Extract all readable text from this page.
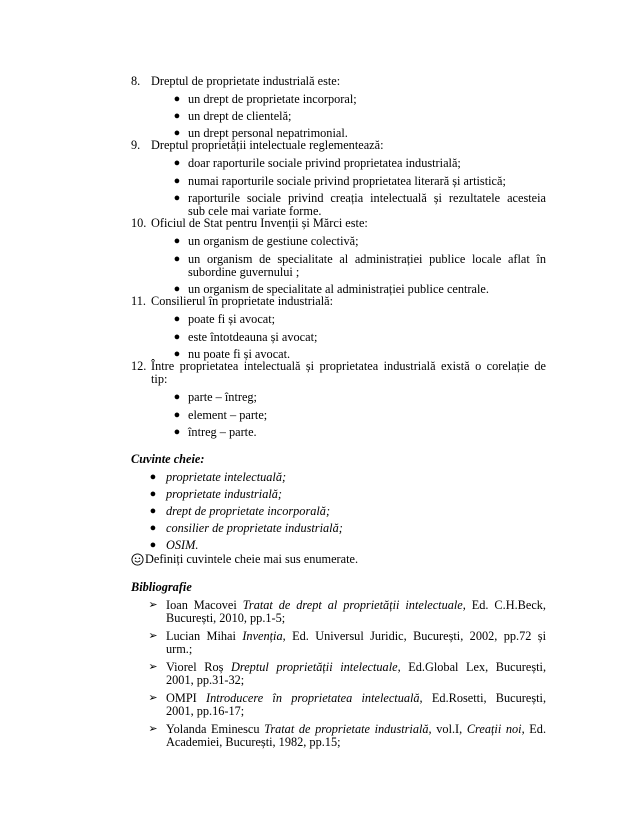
8. Dreptul de proprietate industrială este:
● un drept de proprietate incorporal;
● un drept de clientelă;
● un drept personal nepatrimonial.
9. Dreptul proprietății intelectuale reglementează:
● doar raporturile sociale privind proprietatea industrială;
● numai raporturile sociale privind proprietatea literară și artistică;
● raporturile sociale privind creația intelectuală și rezultatele acesteia
sub cele mai variate forme.
10. Oficiul de Stat pentru Invenții și Mărci este:
● un organism de gestiune colectivă;
● un organism de specialitate al administrației publice locale aflat în
subordine guvernului ;
● un organism de specialitate al administrației publice centrale.
11. Consilierul în proprietate industrială:
● poate fi și avocat;
● este întotdeauna și avocat;
● nu poate fi și avocat.
12. Între proprietatea intelectuală și proprietatea industrială există o corelație de
tip:
● parte – întreg;
● element – parte;
● întreg – parte.
Cuvinte cheie:
● proprietate intelectuală;
● proprietate industrială;
● drept de proprietate incorporală;
● consilier de proprietate industrială;
● OSIM.
Definiți cuvintele cheie mai sus enumerate.
Bibliografie
➢ Ioan Macovei Tratat de drept al proprietății intelectuale, Ed. C.H.Beck,
București, 2010, pp.1-5;
➢ Lucian Mihai Invenția, Ed. Universul Juridic, București, 2002, pp.72 și
urm.;
➢ Viorel Roș Dreptul proprietății intelectuale, Ed.Global Lex, București,
2001, pp.31-32;
➢ OMPI Introducere în proprietatea intelectuală, Ed.Rosetti, București,
2001, pp.16-17;
➢ Yolanda Eminescu Tratat de proprietate industrială, vol.I, Creații noi, Ed.
Academiei, București, 1982, pp.15;
